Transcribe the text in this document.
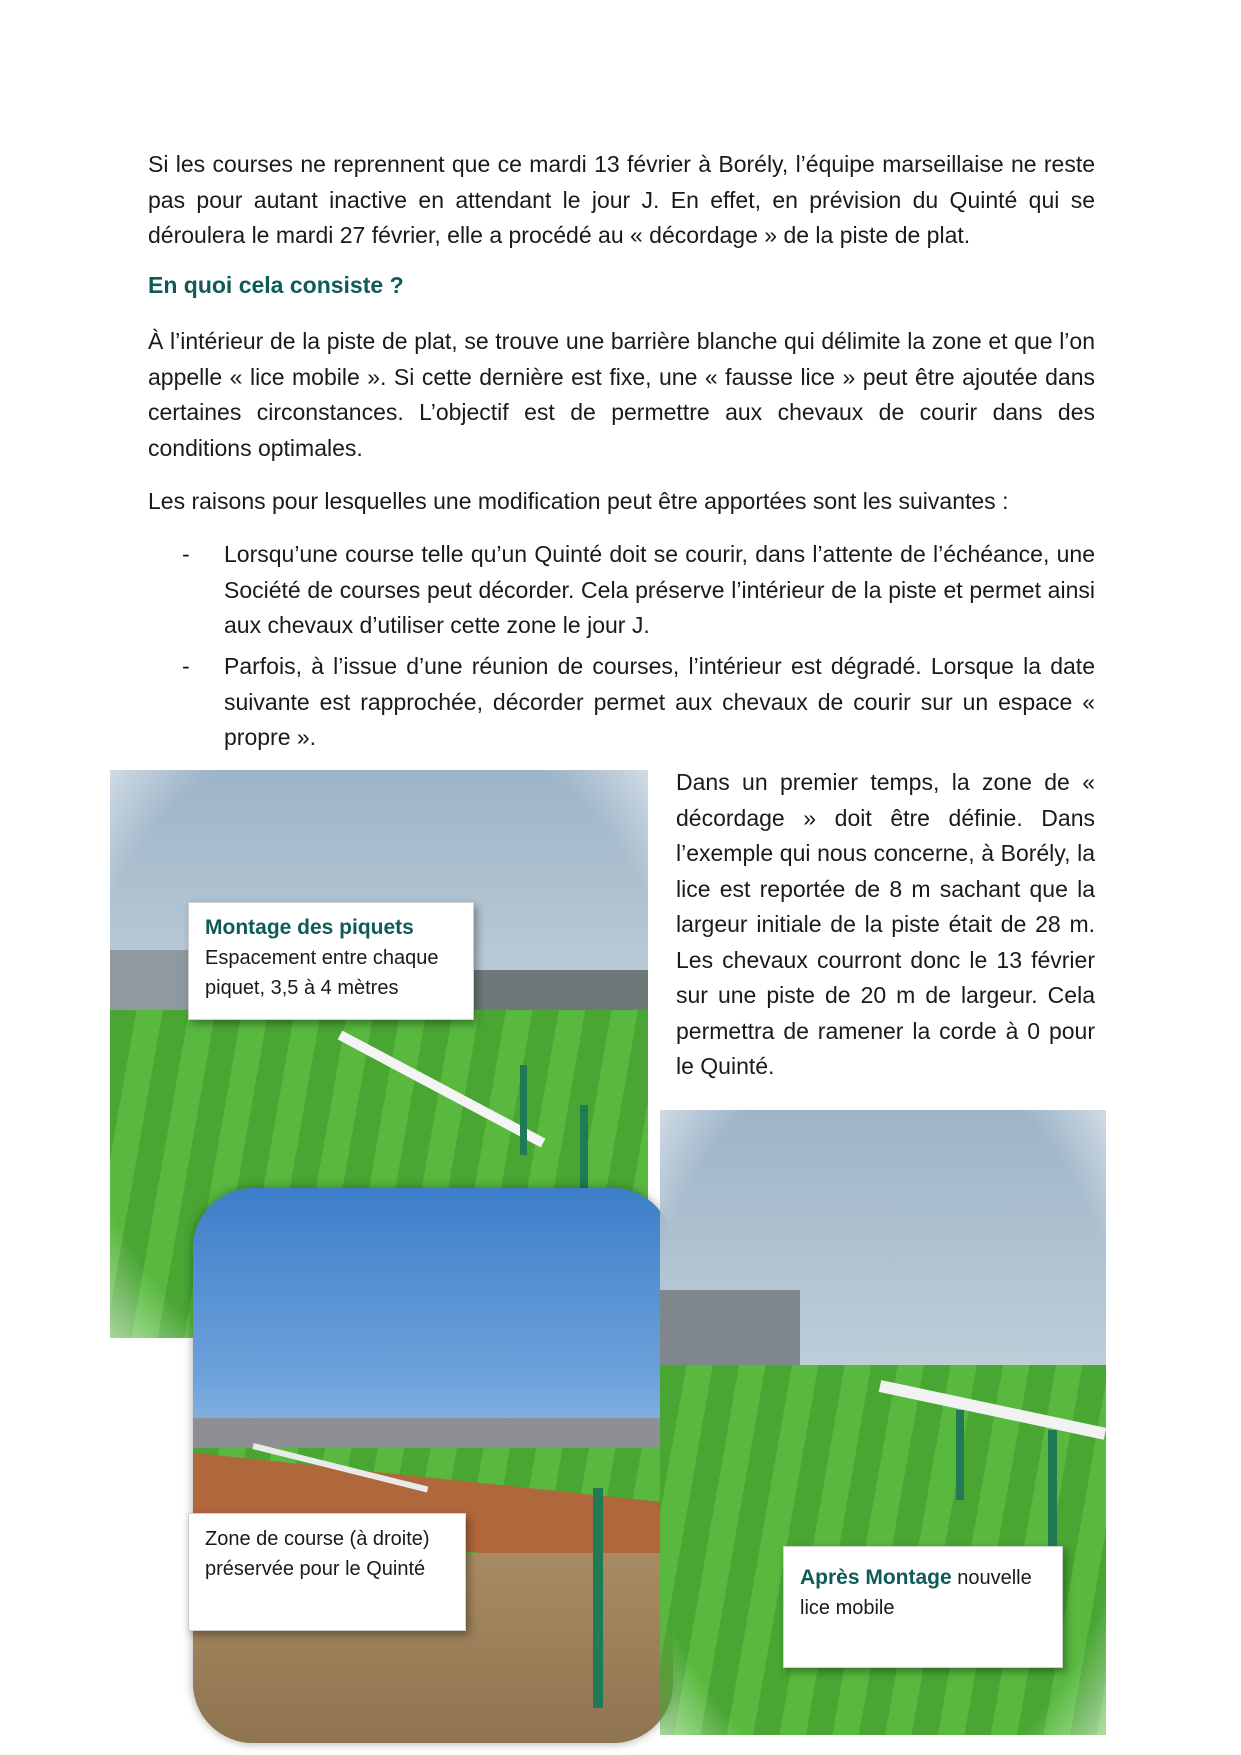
Si les courses ne reprennent que ce mardi 13 février à Borély, l’équipe marseillaise ne reste pas pour autant inactive en attendant le jour J. En effet, en prévision du Quinté qui se déroulera le mardi 27 février, elle a procédé au « décordage » de la piste de plat.
En quoi cela consiste ?
À l’intérieur de la piste de plat, se trouve une barrière blanche qui délimite la zone et que l’on appelle « lice mobile ». Si cette dernière est fixe, une « fausse lice » peut être ajoutée dans certaines circonstances. L’objectif est de permettre aux chevaux de courir dans des conditions optimales.
Les raisons pour lesquelles une modification peut être apportées sont les suivantes :
- Lorsqu’une course telle qu’un Quinté doit se courir, dans l’attente de l’échéance, une Société de courses peut décorder. Cela préserve l’intérieur de la piste et permet ainsi aux chevaux d’utiliser cette zone le jour J.
- Parfois, à l’issue d’une réunion de courses, l’intérieur est dégradé. Lorsque la date suivante est rapprochée, décorder permet aux chevaux de courir sur un espace « propre ».
Dans un premier temps, la zone de « décordage » doit être définie. Dans l’exemple qui nous concerne, à Borély, la lice est reportée de 8 m sachant que la largeur initiale de la piste était de 28 m. Les chevaux courront donc le 13 février sur une piste de 20 m de largeur. Cela permettra de ramener la corde à 0 pour le Quinté.
Montage des piquets
Espacement entre chaque piquet, 3,5 à 4 mètres
Zone de course (à droite) préservée pour le Quinté	Après Montage nouvelle lice mobile
